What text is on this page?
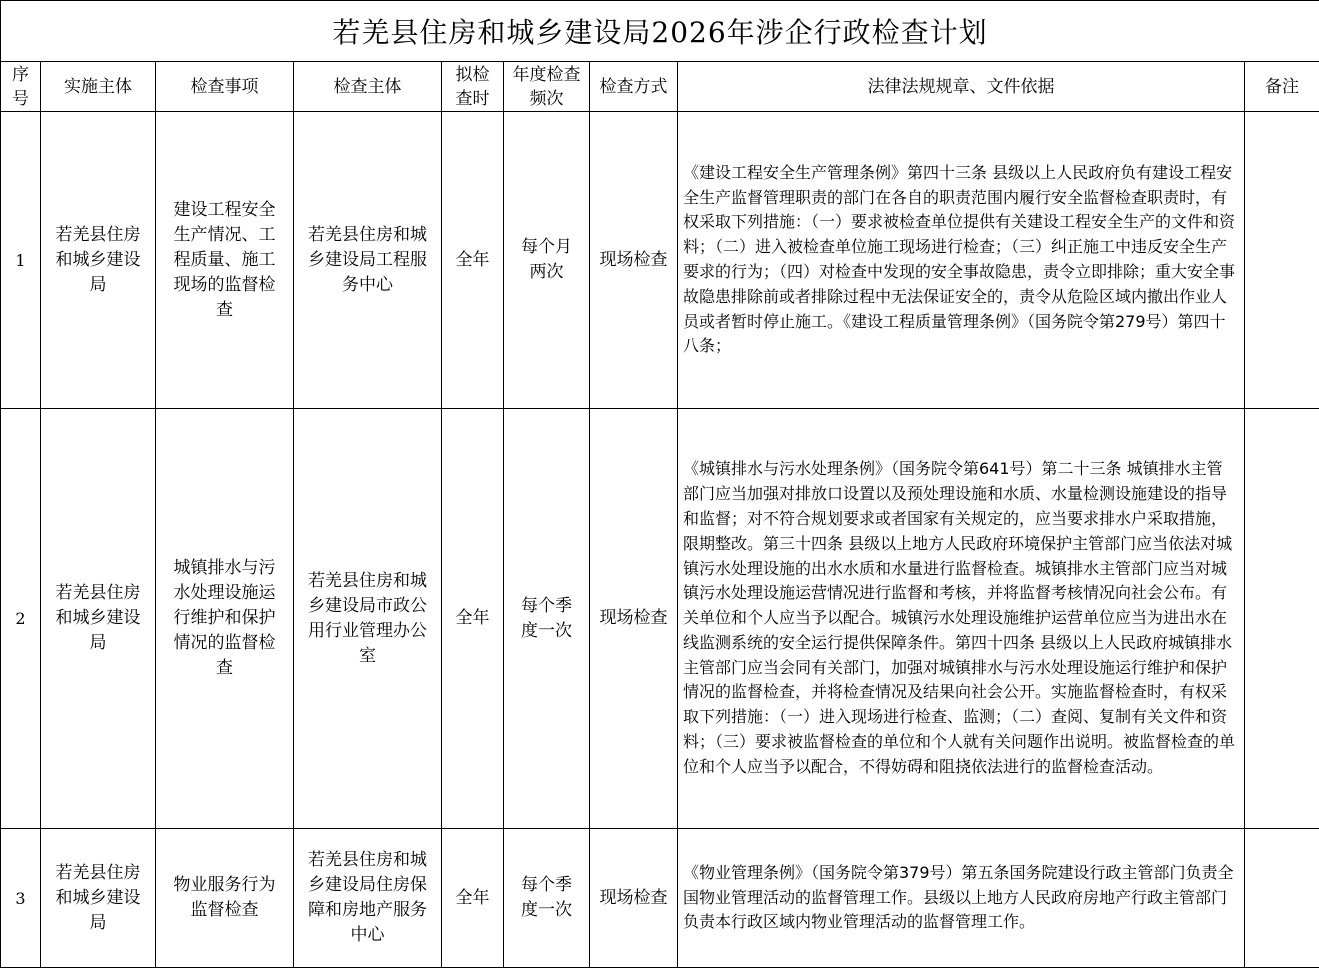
若羌县住房和城乡建设局2026年涉企行政检查计划								
序号	实施主体	检查事项	检查主体	拟检查时	年度检查频次	检查方式	法律法规规章、文件依据	备注
1	若羌县住房和城乡建设局	建设工程安全生产情况、工程质量、施工现场的监督检查	若羌县住房和城乡建设局工程服务中心	全年	每个月两次	现场检查	《建设工程安全生产管理条例》第四十三条 县级以上人民政府负有建设工程安全生产监督管理职责的部门在各自的职责范围内履行安全监督检查职责时，有权采取下列措施：（一）要求被检查单位提供有关建设工程安全生产的文件和资料；（二）进入被检查单位施工现场进行检查；（三）纠正施工中违反安全生产要求的行为；（四）对检查中发现的安全事故隐患，责令立即排除；重大安全事故隐患排除前或者排除过程中无法保证安全的，责令从危险区域内撤出作业人员或者暂时停止施工。《建设工程质量管理条例》（国务院令第279号）第四十八条；	
2	若羌县住房和城乡建设局	城镇排水与污水处理设施运行维护和保护情况的监督检查	若羌县住房和城乡建设局市政公用行业管理办公室	全年	每个季度一次	现场检查	《城镇排水与污水处理条例》（国务院令第641号）第二十三条 城镇排水主管部门应当加强对排放口设置以及预处理设施和水质、水量检测设施建设的指导和监督；对不符合规划要求或者国家有关规定的，应当要求排水户采取措施，限期整改。第三十四条 县级以上地方人民政府环境保护主管部门应当依法对城镇污水处理设施的出水水质和水量进行监督检查。城镇排水主管部门应当对城镇污水处理设施运营情况进行监督和考核，并将监督考核情况向社会公布。有关单位和个人应当予以配合。城镇污水处理设施维护运营单位应当为进出水在线监测系统的安全运行提供保障条件。第四十四条 县级以上人民政府城镇排水主管部门应当会同有关部门，加强对城镇排水与污水处理设施运行维护和保护情况的监督检查，并将检查情况及结果向社会公开。实施监督检查时，有权采取下列措施：（一）进入现场进行检查、监测；（二）查阅、复制有关文件和资料；（三）要求被监督检查的单位和个人就有关问题作出说明。被监督检查的单位和个人应当予以配合，不得妨碍和阻挠依法进行的监督检查活动。	
3	若羌县住房和城乡建设局	物业服务行为监督检查	若羌县住房和城乡建设局住房保障和房地产服务中心	全年	每个季度一次	现场检查	《物业管理条例》（国务院令第379号）第五条国务院建设行政主管部门负责全国物业管理活动的监督管理工作。县级以上地方人民政府房地产行政主管部门负责本行政区域内物业管理活动的监督管理工作。	
